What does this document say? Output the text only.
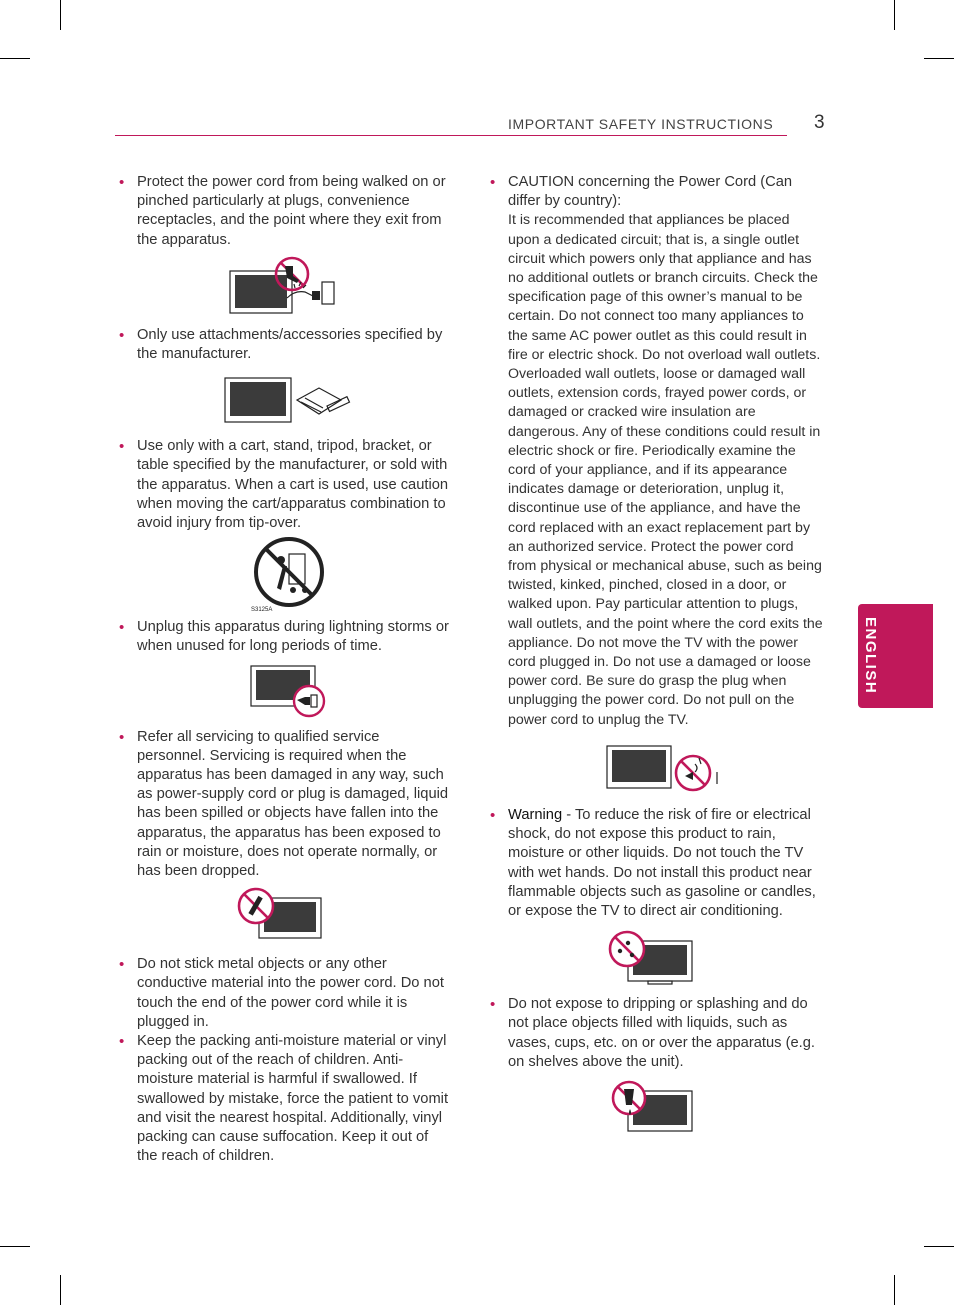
IMPORTANT SAFETY INSTRUCTIONS 3
ENGLISH

• Protect the power cord from being walked on or pinched particularly at plugs, convenience receptacles, and the point where they exit from the apparatus.

• Only use attachments/accessories specified by the manufacturer.

• Use only with a cart, stand, tripod, bracket, or table specified by the manufacturer, or sold with the apparatus. When a cart is used, use caution when moving the cart/apparatus combination to avoid injury from tip-over.

S3125A

• Unplug this apparatus during lightning storms or when unused for long periods of time.

• Refer all servicing to qualified service personnel. Servicing is required when the apparatus has been damaged in any way, such as power-supply cord or plug is damaged, liquid has been spilled or objects have fallen into the apparatus, the apparatus has been exposed to rain or moisture, does not operate normally, or has been dropped.

• Do not stick metal objects or any other conductive material into the power cord. Do not touch the end of the power cord while it is plugged in.

• Keep the packing anti-moisture material or vinyl packing out of the reach of children. Anti-moisture material is harmful if swallowed. If swallowed by mistake, force the patient to vomit and visit the nearest hospital. Additionally, vinyl packing can cause suffocation. Keep it out of the reach of children.

• CAUTION concerning the Power Cord (Can differ by country):

It is recommended that appliances be placed upon a dedicated circuit; that is, a single outlet circuit which powers only that appliance and has no additional outlets or branch circuits. Check the specification page of this owner’s manual to be certain. Do not connect too many appliances to the same AC power outlet as this could result in fire or electric shock. Do not overload wall outlets. Overloaded wall outlets, loose or damaged wall outlets, extension cords, frayed power cords, or damaged or cracked wire insulation are dangerous. Any of these conditions could result in electric shock or fire. Periodically examine the cord of your appliance, and if its appearance indicates damage or deterioration, unplug it, discontinue use of the appliance, and have the cord replaced with an exact replacement part by an authorized service. Protect the power cord from physical or mechanical abuse, such as being twisted, kinked, pinched, closed in a door, or walked upon. Pay particular attention to plugs, wall outlets, and the point where the cord exits the appliance. Do not move the TV with the power cord plugged in. Do not use a damaged or loose power cord. Be sure do grasp the plug when unplugging the power cord. Do not pull on the power cord to unplug the TV.

• Warning - To reduce the risk of fire or electrical shock, do not expose this product to rain, moisture or other liquids. Do not touch the TV with wet hands. Do not install this product near flammable objects such as gasoline or candles, or expose the TV to direct air conditioning.

• Do not expose to dripping or splashing and do not place objects filled with liquids, such as vases, cups, etc. on or over the apparatus (e.g. on shelves above the unit).
